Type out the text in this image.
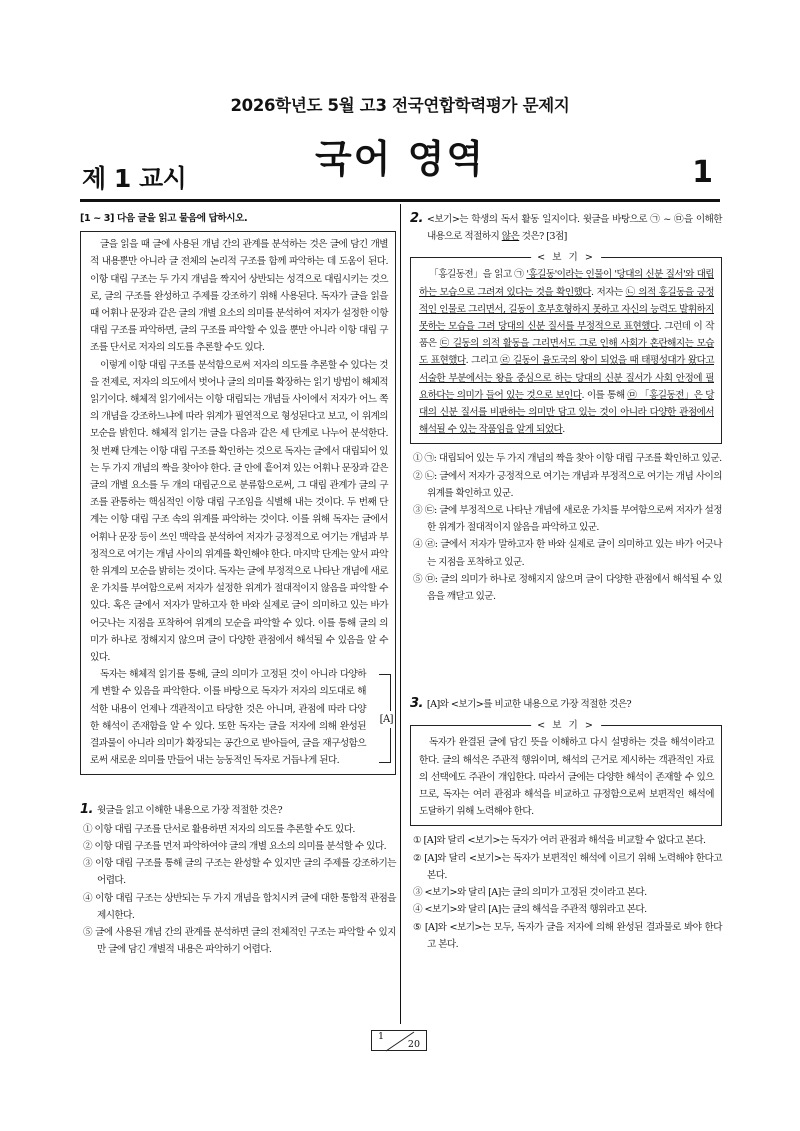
2026학년도 5월 고3 전국연합학력평가 문제지
국어 영역
제 1 교시	1
[1 ~ 3] 다음 글을 읽고 물음에 답하시오.

글을 읽을 때 글에 사용된 개념 간의 관계를 분석하는 것은 글에 담긴 개별적 내용뿐만 아니라 글 전체의 논리적 구조를 함께 파악하는 데 도움이 된다. 이항 대립 구조는 두 가지 개념을 짝지어 상반되는 성격으로 대립시키는 것으로, 글의 구조를 완성하고 주제를 강조하기 위해 사용된다. 독자가 글을 읽을 때 어휘나 문장과 같은 글의 개별 요소의 의미를 분석하여 저자가 설정한 이항 대립 구조를 파악하면, 글의 구조를 파악할 수 있을 뿐만 아니라 이항 대립 구조를 단서로 저자의 의도를 추론할 수도 있다.

이렇게 이항 대립 구조를 분석함으로써 저자의 의도를 추론할 수 있다는 것을 전제로, 저자의 의도에서 벗어나 글의 의미를 확장하는 읽기 방법이 해체적 읽기이다. 해체적 읽기에서는 이항 대립되는 개념들 사이에서 저자가 어느 쪽의 개념을 강조하느냐에 따라 위계가 필연적으로 형성된다고 보고, 이 위계의 모순을 밝힌다. 해체적 읽기는 글을 다음과 같은 세 단계로 나누어 분석한다. 첫 번째 단계는 이항 대립 구조를 확인하는 것으로 독자는 글에서 대립되어 있는 두 가지 개념의 짝을 찾아야 한다. 글 안에 흩어져 있는 어휘나 문장과 같은 글의 개별 요소를 두 개의 대립군으로 분류함으로써, 그 대립 관계가 글의 구조를 관통하는 핵심적인 이항 대립 구조임을 식별해 내는 것이다. 두 번째 단계는 이항 대립 구조 속의 위계를 파악하는 것이다. 이를 위해 독자는 글에서 어휘나 문장 등이 쓰인 맥락을 분석하여 저자가 긍정적으로 여기는 개념과 부정적으로 여기는 개념 사이의 위계를 확인해야 한다. 마지막 단계는 앞서 파악한 위계의 모순을 밝히는 것이다. 독자는 글에 부정적으로 나타난 개념에 새로운 가치를 부여함으로써 저자가 설정한 위계가 절대적이지 않음을 파악할 수 있다. 혹은 글에서 저자가 말하고자 한 바와 실제로 글이 의미하고 있는 바가 어긋나는 지점을 포착하여 위계의 모순을 파악할 수 있다. 이를 통해 글의 의미가 하나로 정해지지 않으며 글이 다양한 관점에서 해석될 수 있음을 알 수 있다.

독자는 해체적 읽기를 통해, 글의 의미가 고정된 것이 아니라 다양하게 변할 수 있음을 파악한다. 이를 바탕으로 독자가 저자의 의도대로 해석한 내용이 언제나 객관적이고 타당한 것은 아니며, 관점에 따라 다양한 해석이 존재함을 알 수 있다. 또한 독자는 글을 저자에 의해 완성된 결과물이 아니라 의미가 확장되는 공간으로 받아들여, 글을 재구성함으로써 새로운 의미를 만들어 내는 능동적인 독자로 거듭나게 된다.

[A]

1. 윗글을 읽고 이해한 내용으로 가장 적절한 것은?

① 이항 대립 구조를 단서로 활용하면 저자의 의도를 추론할 수도 있다.

② 이항 대립 구조를 먼저 파악하여야 글의 개별 요소의 의미를 분석할 수 있다.

③ 이항 대립 구조를 통해 글의 구조는 완성할 수 있지만 글의 주제를 강조하기는 어렵다.

④ 이항 대립 구조는 상반되는 두 가지 개념을 합치시켜 글에 대한 통합적 관점을 제시한다.

⑤ 글에 사용된 개념 간의 관계를 분석하면 글의 전체적인 구조는 파악할 수 있지만 글에 담긴 개별적 내용은 파악하기 어렵다.

2. <보기>는 학생의 독서 활동 일지이다. 윗글을 바탕으로 ㉠ ~ ㉤을 이해한 내용으로 적절하지 않은 것은? [3점]

< 보 기 >

「홍길동전」을 읽고 ㉠ '홍길동'이라는 인물이 '당대의 신분 질서'와 대립하는 모습으로 그려져 있다는 것을 확인했다. 저자는 ㉡ 의적 홍길동을 긍정적인 인물로 그리면서, 길동이 호부호형하지 못하고 자신의 능력도 발휘하지 못하는 모습을 그려 당대의 신분 질서를 부정적으로 표현했다. 그런데 이 작품은 ㉢ 길동의 의적 활동을 그리면서도 그로 인해 사회가 혼란해지는 모습도 표현했다. 그리고 ㉣ 길동이 율도국의 왕이 되었을 때 태평성대가 왔다고 서술한 부분에서는 왕을 중심으로 하는 당대의 신분 질서가 사회 안정에 필요하다는 의미가 들어 있는 것으로 보인다. 이를 통해 ㉤ 「홍길동전」은 당대의 신분 질서를 비판하는 의미만 담고 있는 것이 아니라 다양한 관점에서 해석될 수 있는 작품임을 알게 되었다.

① ㉠: 대립되어 있는 두 가지 개념의 짝을 찾아 이항 대립 구조를 확인하고 있군.

② ㉡: 글에서 저자가 긍정적으로 여기는 개념과 부정적으로 여기는 개념 사이의 위계를 확인하고 있군.

③ ㉢: 글에 부정적으로 나타난 개념에 새로운 가치를 부여함으로써 저자가 설정한 위계가 절대적이지 않음을 파악하고 있군.

④ ㉣: 글에서 저자가 말하고자 한 바와 실제로 글이 의미하고 있는 바가 어긋나는 지점을 포착하고 있군.

⑤ ㉤: 글의 의미가 하나로 정해지지 않으며 글이 다양한 관점에서 해석될 수 있음을 깨닫고 있군.

3. [A]와 <보기>를 비교한 내용으로 가장 적절한 것은?

< 보 기 >

독자가 완결된 글에 담긴 뜻을 이해하고 다시 설명하는 것을 해석이라고 한다. 글의 해석은 주관적 행위이며, 해석의 근거로 제시하는 객관적인 자료의 선택에도 주관이 개입한다. 따라서 글에는 다양한 해석이 존재할 수 있으므로, 독자는 여러 관점과 해석을 비교하고 규정함으로써 보편적인 해석에 도달하기 위해 노력해야 한다.

① [A]와 달리 <보기>는 독자가 여러 관점과 해석을 비교할 수 없다고 본다.

② [A]와 달리 <보기>는 독자가 보편적인 해석에 이르기 위해 노력해야 한다고 본다.

③ <보기>와 달리 [A]는 글의 의미가 고정된 것이라고 본다.

④ <보기>와 달리 [A]는 글의 해석을 주관적 행위라고 본다.

⑤ [A]와 <보기>는 모두, 독자가 글을 저자에 의해 완성된 결과물로 봐야 한다고 본다.

1
20
